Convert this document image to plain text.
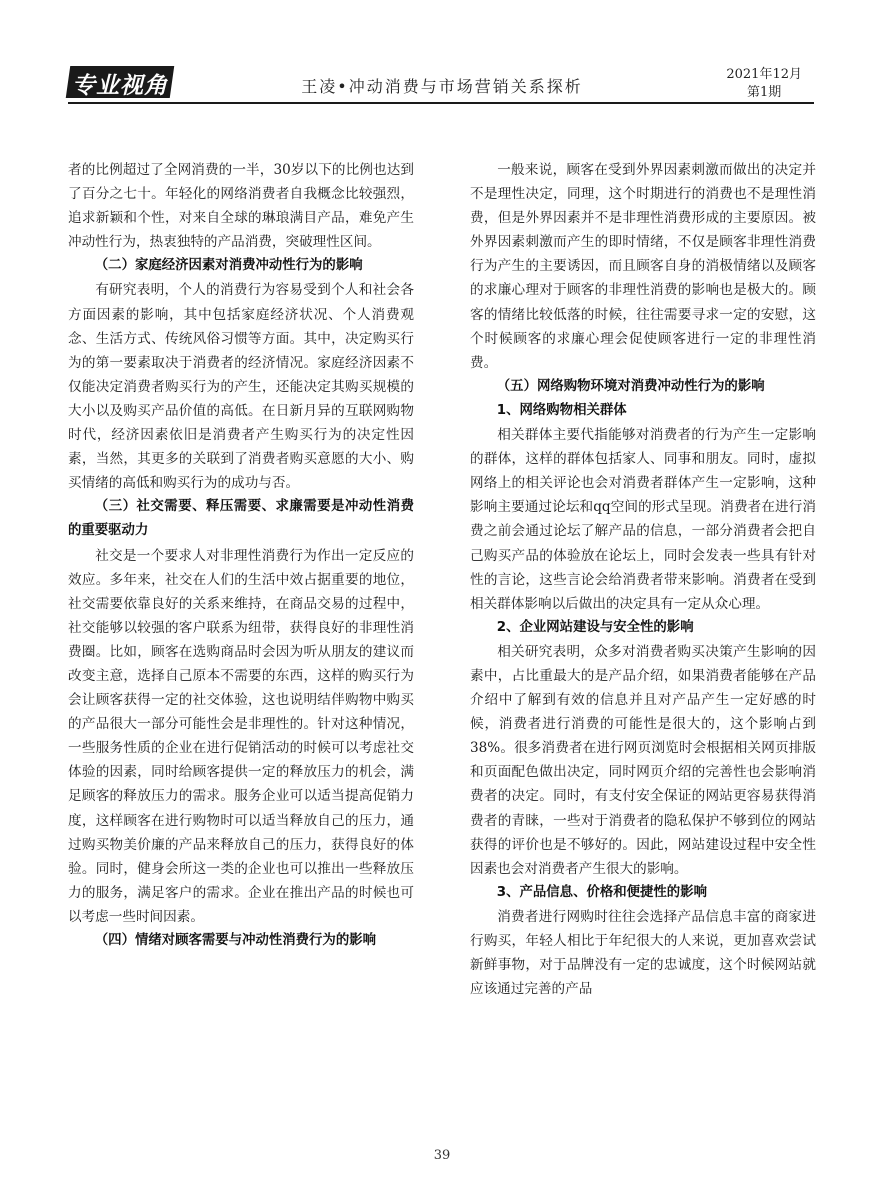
专业视角	王凌•冲动消费与市场营销关系探析
2021年12月
第1期

者的比例超过了全网消费的一半，30岁以下的比例也达到了百分之七十。年轻化的网络消费者自我概念比较强烈，追求新颖和个性，对来自全球的琳琅满目产品，难免产生冲动性行为，热衷独特的产品消费，突破理性区间。

（二）家庭经济因素对消费冲动性行为的影响

有研究表明，个人的消费行为容易受到个人和社会各方面因素的影响，其中包括家庭经济状况、个人消费观念、生活方式、传统风俗习惯等方面。其中，决定购买行为的第一要素取决于消费者的经济情况。家庭经济因素不仅能决定消费者购买行为的产生，还能决定其购买规模的大小以及购买产品价值的高低。在日新月异的互联网购物时代，经济因素依旧是消费者产生购买行为的决定性因素，当然，其更多的关联到了消费者购买意愿的大小、购买情绪的高低和购买行为的成功与否。

（三）社交需要、释压需要、求廉需要是冲动性消费的重要驱动力

社交是一个要求人对非理性消费行为作出一定反应的效应。多年来，社交在人们的生活中效占据重要的地位，社交需要依靠良好的关系来维持，在商品交易的过程中，社交能够以较强的客户联系为纽带，获得良好的非理性消费圈。比如，顾客在选购商品时会因为听从朋友的建议而改变主意，选择自己原本不需要的东西，这样的购买行为会让顾客获得一定的社交体验，这也说明结伴购物中购买的产品很大一部分可能性会是非理性的。针对这种情况，一些服务性质的企业在进行促销活动的时候可以考虑社交体验的因素，同时给顾客提供一定的释放压力的机会，满足顾客的释放压力的需求。服务企业可以适当提高促销力度，这样顾客在进行购物时可以适当释放自己的压力，通过购买物美价廉的产品来释放自己的压力，获得良好的体验。同时，健身会所这一类的企业也可以推出一些释放压力的服务，满足客户的需求。企业在推出产品的时候也可以考虑一些时间因素。

（四）情绪对顾客需要与冲动性消费行为的影响

一般来说，顾客在受到外界因素刺激而做出的决定并不是理性决定，同理，这个时期进行的消费也不是理性消费，但是外界因素并不是非理性消费形成的主要原因。被外界因素刺激而产生的即时情绪，不仅是顾客非理性消费行为产生的主要诱因，而且顾客自身的消极情绪以及顾客的求廉心理对于顾客的非理性消费的影响也是极大的。顾客的情绪比较低落的时候，往往需要寻求一定的安慰，这个时候顾客的求廉心理会促使顾客进行一定的非理性消费。

（五）网络购物环境对消费冲动性行为的影响
1、网络购物相关群体

相关群体主要代指能够对消费者的行为产生一定影响的群体，这样的群体包括家人、同事和朋友。同时，虚拟网络上的相关评论也会对消费者群体产生一定影响，这种影响主要通过论坛和qq空间的形式呈现。消费者在进行消费之前会通过论坛了解产品的信息，一部分消费者会把自己购买产品的体验放在论坛上，同时会发表一些具有针对性的言论，这些言论会给消费者带来影响。消费者在受到相关群体影响以后做出的决定具有一定从众心理。

2、企业网站建设与安全性的影响

相关研究表明，众多对消费者购买决策产生影响的因素中，占比重最大的是产品介绍，如果消费者能够在产品介绍中了解到有效的信息并且对产品产生一定好感的时候，消费者进行消费的可能性是很大的，这个影响占到 38%。很多消费者在进行网页浏览时会根据相关网页排版和页面配色做出决定，同时网页介绍的完善性也会影响消费者的决定。同时，有支付安全保证的网站更容易获得消费者的青睐，一些对于消费者的隐私保护不够到位的网站获得的评价也是不够好的。因此，网站建设过程中安全性因素也会对消费者产生很大的影响。

3、产品信息、价格和便捷性的影响

消费者进行网购时往往会选择产品信息丰富的商家进行购买，年轻人相比于年纪很大的人来说，更加喜欢尝试新鲜事物，对于品牌没有一定的忠诚度，这个时候网站就应该通过完善的产品

39
